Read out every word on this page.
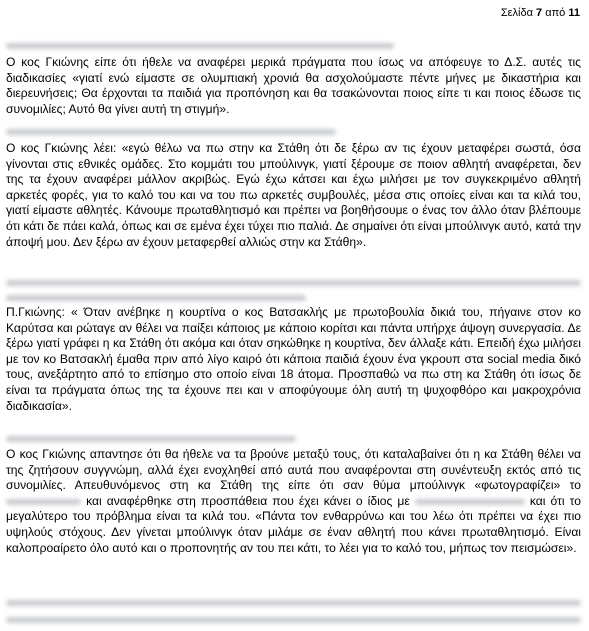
Σελίδα 7 από 11
Ο κος Γκιώνης είπε ότι ήθελε να αναφέρει μερικά πράγματα που ίσως να απόφευγε το Δ.Σ. αυτές τις διαδικασίες «γιατί ενώ είμαστε σε ολυμπιακή χρονιά θα ασχολούμαστε πέντε μήνες με δικαστήρια και διερευνήσεις; Θα έρχονται τα παιδιά για προπόνηση και θα τσακώνονται ποιος είπε τι και ποιος έδωσε τις συνομιλίες; Αυτό θα γίνει αυτή τη στιγμή».
Ο κος Γκιώνης λέει: «εγώ θέλω να πω στην κα Στάθη ότι δε ξέρω αν τις έχουν μεταφέρει σωστά, όσα γίνονται στις εθνικές ομάδες. Στο κομμάτι του μπούλινγκ, γιατί ξέρουμε σε ποιον αθλητή αναφέρεται, δεν της τα έχουν αναφέρει μάλλον ακριβώς. Εγώ έχω κάτσει και έχω μιλήσει με τον συγκεκριμένο αθλητή αρκετές φορές, για το καλό του και να του πω αρκετές συμβουλές, μέσα στις οποίες είναι και τα κιλά του, γιατί είμαστε αθλητές. Κάνουμε πρωταθλητισμό και πρέπει να βοηθήσουμε ο ένας τον άλλο όταν βλέπουμε ότι κάτι δε πάει καλά, όπως και σε εμένα έχει τύχει πιο παλιά. Δε σημαίνει ότι είναι μπούλινγκ αυτό, κατά την άποψή μου. Δεν ξέρω αν έχουν μεταφερθεί αλλιώς στην κα Στάθη».
Π.Γκιώνης: « Όταν ανέβηκε η κουρτίνα ο κος Βατσακλής με πρωτοβουλία δικιά του, πήγαινε στον κο Καρύτσα και ρώταγε αν θέλει να παίξει κάποιος με κάποιο κορίτσι και πάντα υπήρχε άψογη συνεργασία. Δε ξέρω γιατί γράφει η κα Στάθη ότι ακόμα και όταν σηκώθηκε η κουρτίνα, δεν άλλαξε κάτι. Επειδή έχω μιλήσει με τον κο Βατσακλή έμαθα πριν από λίγο καιρό ότι κάποια παιδιά έχουν ένα γκρουπ στα social media δικό τους, ανεξάρτητο από το επίσημο στο οποίο είναι 18 άτομα. Προσπαθώ να πω στη κα Στάθη ότι ίσως δε είναι τα πράγματα όπως της τα έχουνε πει και ν αποφύγουμε όλη αυτή τη ψυχοφθόρο και μακροχρόνια διαδικασία».
Ο κος Γκιώνης απαντησε ότι θα ήθελε να τα βρούνε μεταξύ τους, ότι καταλαβαίνει ότι η κα Στάθη θέλει να της ζητήσουν συγγνώμη, αλλά έχει ενοχληθεί από αυτά που αναφέρονται στη συνέντευξη εκτός από τις συνομιλίες. Απευθυνόμενος στη κα Στάθη της είπε ότι σαν θύμα μπούλινγκ «φωτογραφίζει» το  και αναφέρθηκε στη προσπάθεια που έχει κάνει ο ίδιος με	και ότι το μεγαλύτερο του πρόβλημα είναι τα κιλά του. «Πάντα τον ενθαρρύνω και του λέω ότι πρέπει να έχει πιο υψηλούς στόχους. Δεν γίνεται μπούλινγκ όταν μιλάμε σε έναν αθλητή που κάνει πρωταθλητισμό. Είναι καλοπροαίρετο όλο αυτό και ο προπονητής αν του πει κάτι, το λέει για το καλό του, μήπως τον πεισμώσει».
